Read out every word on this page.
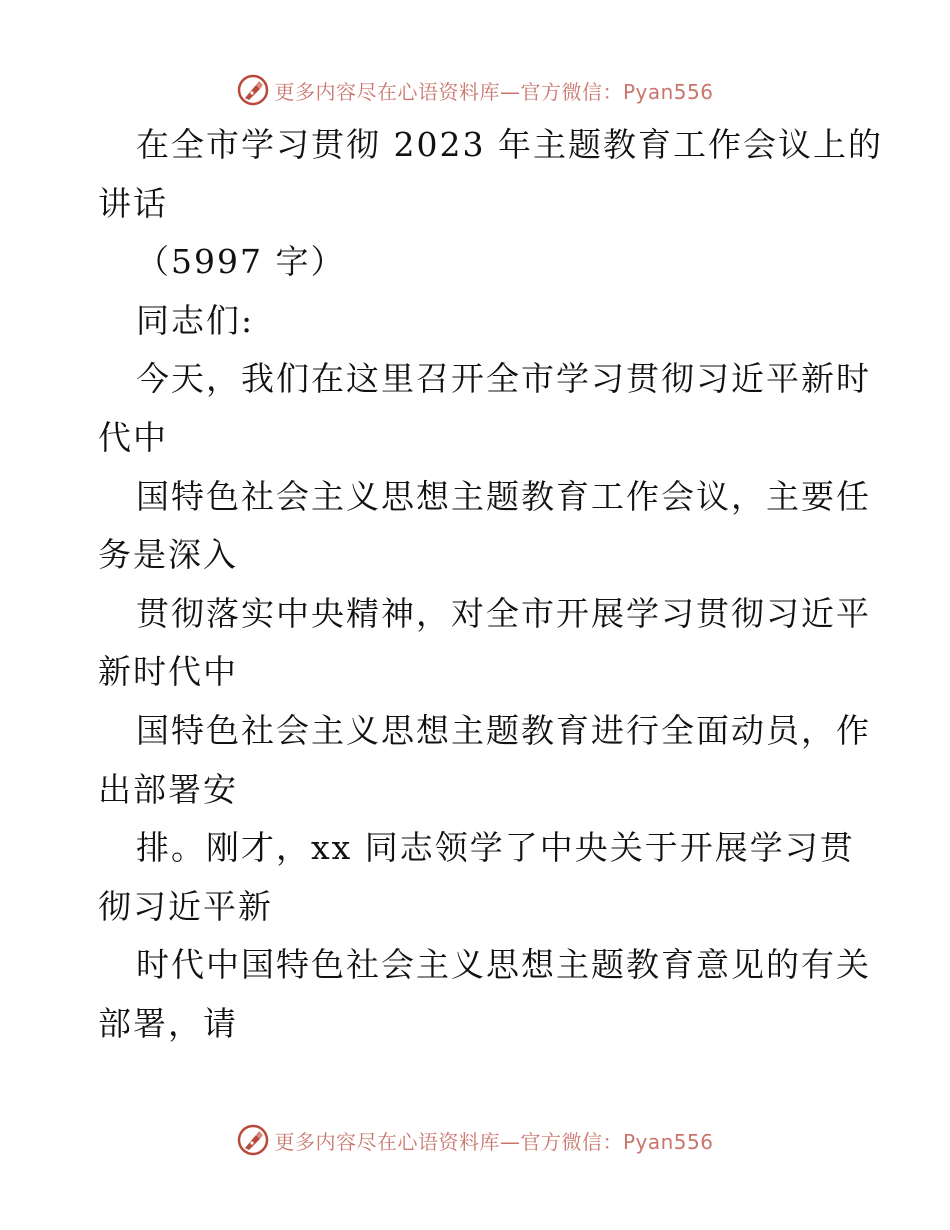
更多内容尽在心语资料库—官方微信：Pyan556
在全市学习贯彻 2023 年主题教育工作会议上的
讲话
（5997 字）
同志们:
今天，我们在这里召开全市学习贯彻习近平新时
代中
国特色社会主义思想主题教育工作会议，主要任
务是深入
贯彻落实中央精神，对全市开展学习贯彻习近平
新时代中
国特色社会主义思想主题教育进行全面动员，作
出部署安
排。刚才，xx 同志领学了中央关于开展学习贯
彻习近平新
时代中国特色社会主义思想主题教育意见的有关
部署，请
更多内容尽在心语资料库—官方微信：Pyan556
